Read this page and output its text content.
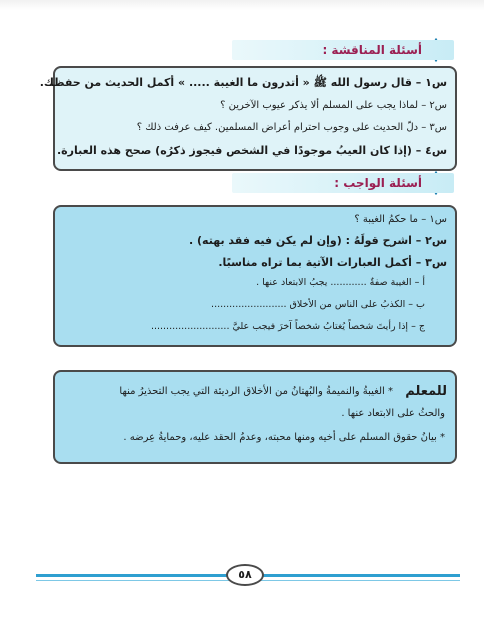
أسئلة المناقشة :
س١ – قال رسول الله ﷺ « أتدرون ما الغيبة ..... » أكمل الحديث من حفظك.
س٢ – لماذا يجب على المسلم ألا يذكر عيوب الآخرين ؟
س٣ – دلّ الحديث على وجوب احترام أعراض المسلمين. كيف عرفت ذلك ؟
س٤ – (إذا كان العيبُ موجودًا في الشخص فيجوز ذكرُه) صحح هذه العبارة.
أسئلة الواجب :
س١ – ما حكمُ الغيبة ؟
س٢ – اشرح قولَهُ : (وإن لم يكن فيه فقد بهته) .
س٣ – أكمل العبارات الآتية بما تراه مناسبًا.
أ – الغيبة صفةٌ ............ يجبُ الابتعاد عنها .
ب – الكذبُ على الناس من الأخلاق .........................
ج – إذا رأيتَ شخصاً يُغتابُ شخصاً آخرَ فيجب عليَّ ..........................
للمعلم
* الغيبةُ والنميمةُ والبُهتانُ من الأخلاق الرديئة التي يجب التحذيرُ منها
والحثُ على الابتعاد عنها .
* بيانُ حقوق المسلم على أخيه ومنها محبته، وعدمُ الحقد عليه، وحمايةُ عِرضه .
٥٨
